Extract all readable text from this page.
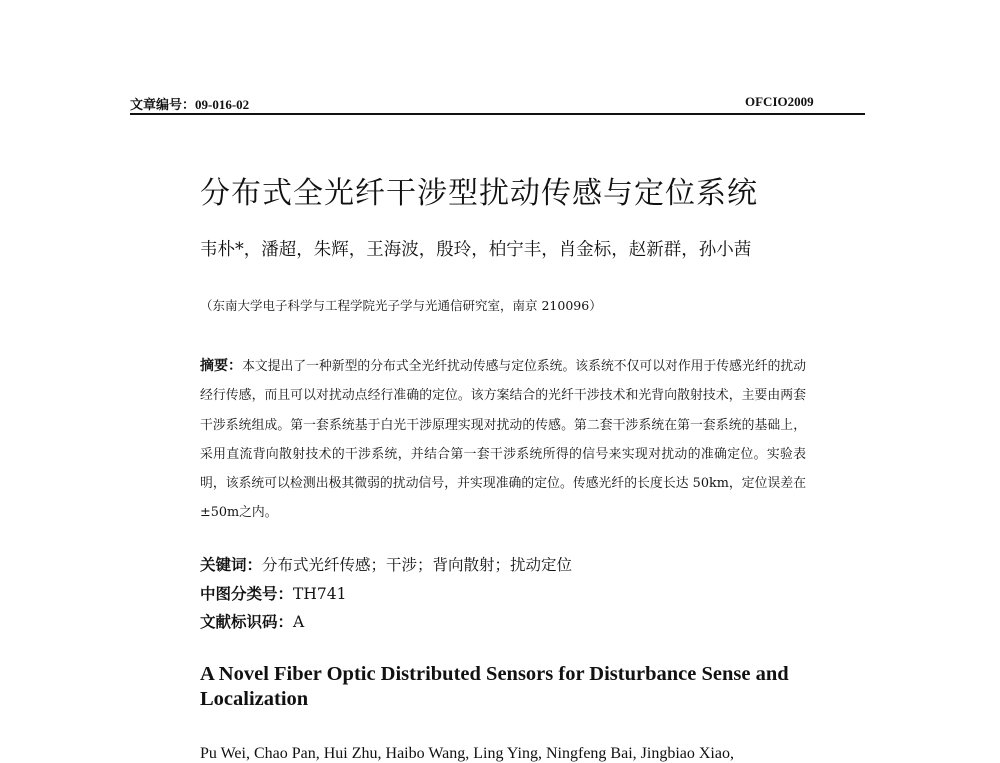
文章编号：09-016-02	OFCIO2009
分布式全光纤干涉型扰动传感与定位系统
韦朴*，潘超，朱辉，王海波，殷玲，柏宁丰，肖金标，赵新群，孙小茜
（东南大学电子科学与工程学院光子学与光通信研究室，南京 210096）
摘要：本文提出了一种新型的分布式全光纤扰动传感与定位系统。该系统不仅可以对作用于传感光纤的扰动经行传感，而且可以对扰动点经行准确的定位。该方案结合的光纤干涉技术和光背向散射技术，主要由两套干涉系统组成。第一套系统基于白光干涉原理实现对扰动的传感。第二套干涉系统在第一套系统的基础上，采用直流背向散射技术的干涉系统，并结合第一套干涉系统所得的信号来实现对扰动的准确定位。实验表明，该系统可以检测出极其微弱的扰动信号，并实现准确的定位。传感光纤的长度长达 50km，定位误差在±50m之内。
关键词：分布式光纤传感；干涉；背向散射；扰动定位
中图分类号：TH741
文献标识码：A
A Novel Fiber Optic Distributed Sensors for Disturbance Sense and Localization
Pu Wei, Chao Pan, Hui Zhu, Haibo Wang, Ling Ying, Ningfeng Bai, Jingbiao Xiao,
